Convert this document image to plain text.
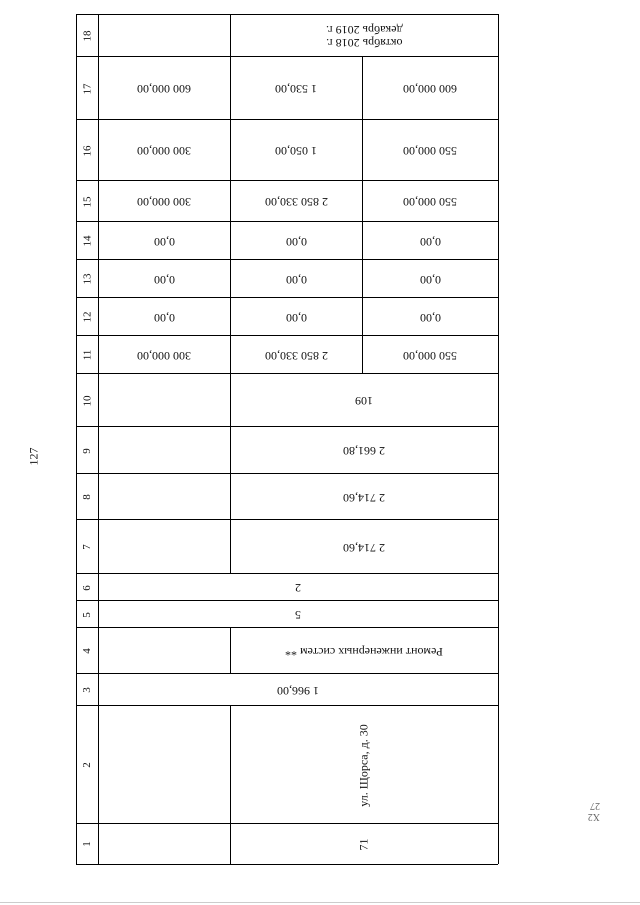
127
18	октябрь 2018 г.
декабрь 2019 г.
17	600 000,00	1 530,00	600 000,00
16	300 000,00	1 050,00	550 000,00
15	300 000,00	2 850 330,00	550 000,00
14	0,00	0,00	0,00
13	0,00	0,00	0,00
12	0,00	0,00	0,00
11	300 000,00	2 850 330,00	550 000,00
10	109
9	2 661,80
8	2 714,60
7	2 714,60
6	2
5	5
4	Ремонт инженерных систем **
3	1 966,00
2	ул. Щорса, д. 30
1	71
Х2 27
